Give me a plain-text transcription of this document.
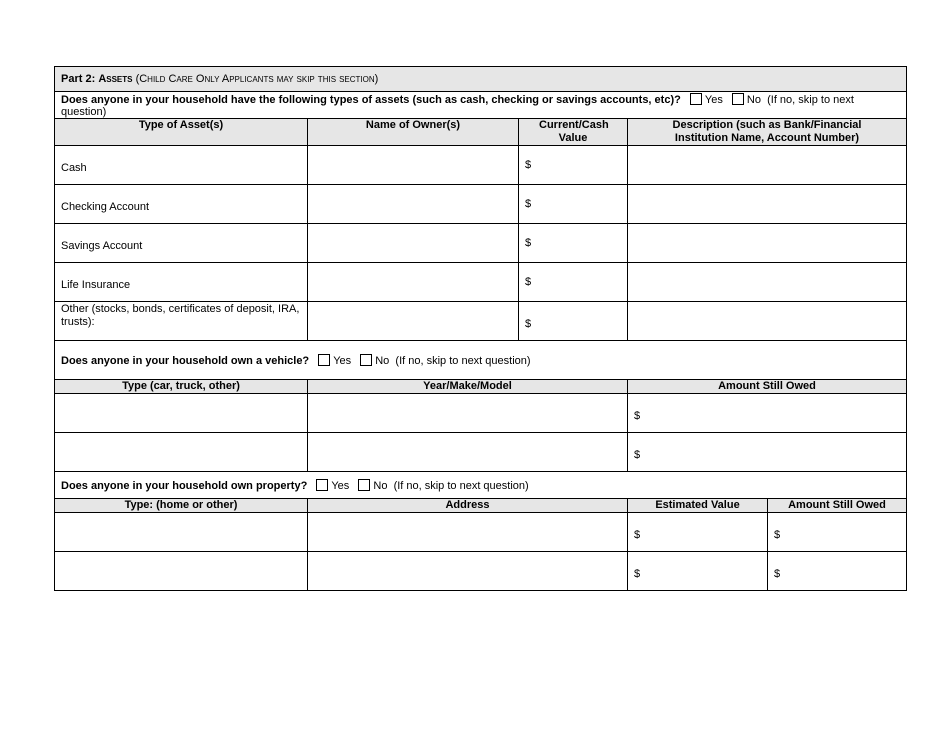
Part 2: Assets (Child Care Only Applicants may skip this section)				
Does anyone in your household have the following types of assets (such as cash, checking or savings accounts, etc)? Yes No (If no, skip to next question)				
Type of Asset(s)	Name of Owner(s)	Current/Cash Value	Description (such as Bank/Financial Institution Name, Account Number)	
Cash		$		
Checking Account		$		
Savings Account		$		
Life Insurance		$		
Other (stocks, bonds, certificates of deposit, IRA, trusts):		$		
Does anyone in your household own a vehicle? Yes No (If no, skip to next question)				
Type (car, truck, other)	Year/Make/Model		Amount Still Owed	
			$	
			$	
Does anyone in your household own property? Yes No (If no, skip to next question)				
Type: (home or other)	Address		Estimated Value	Amount Still Owed
			$	$
			$	$
